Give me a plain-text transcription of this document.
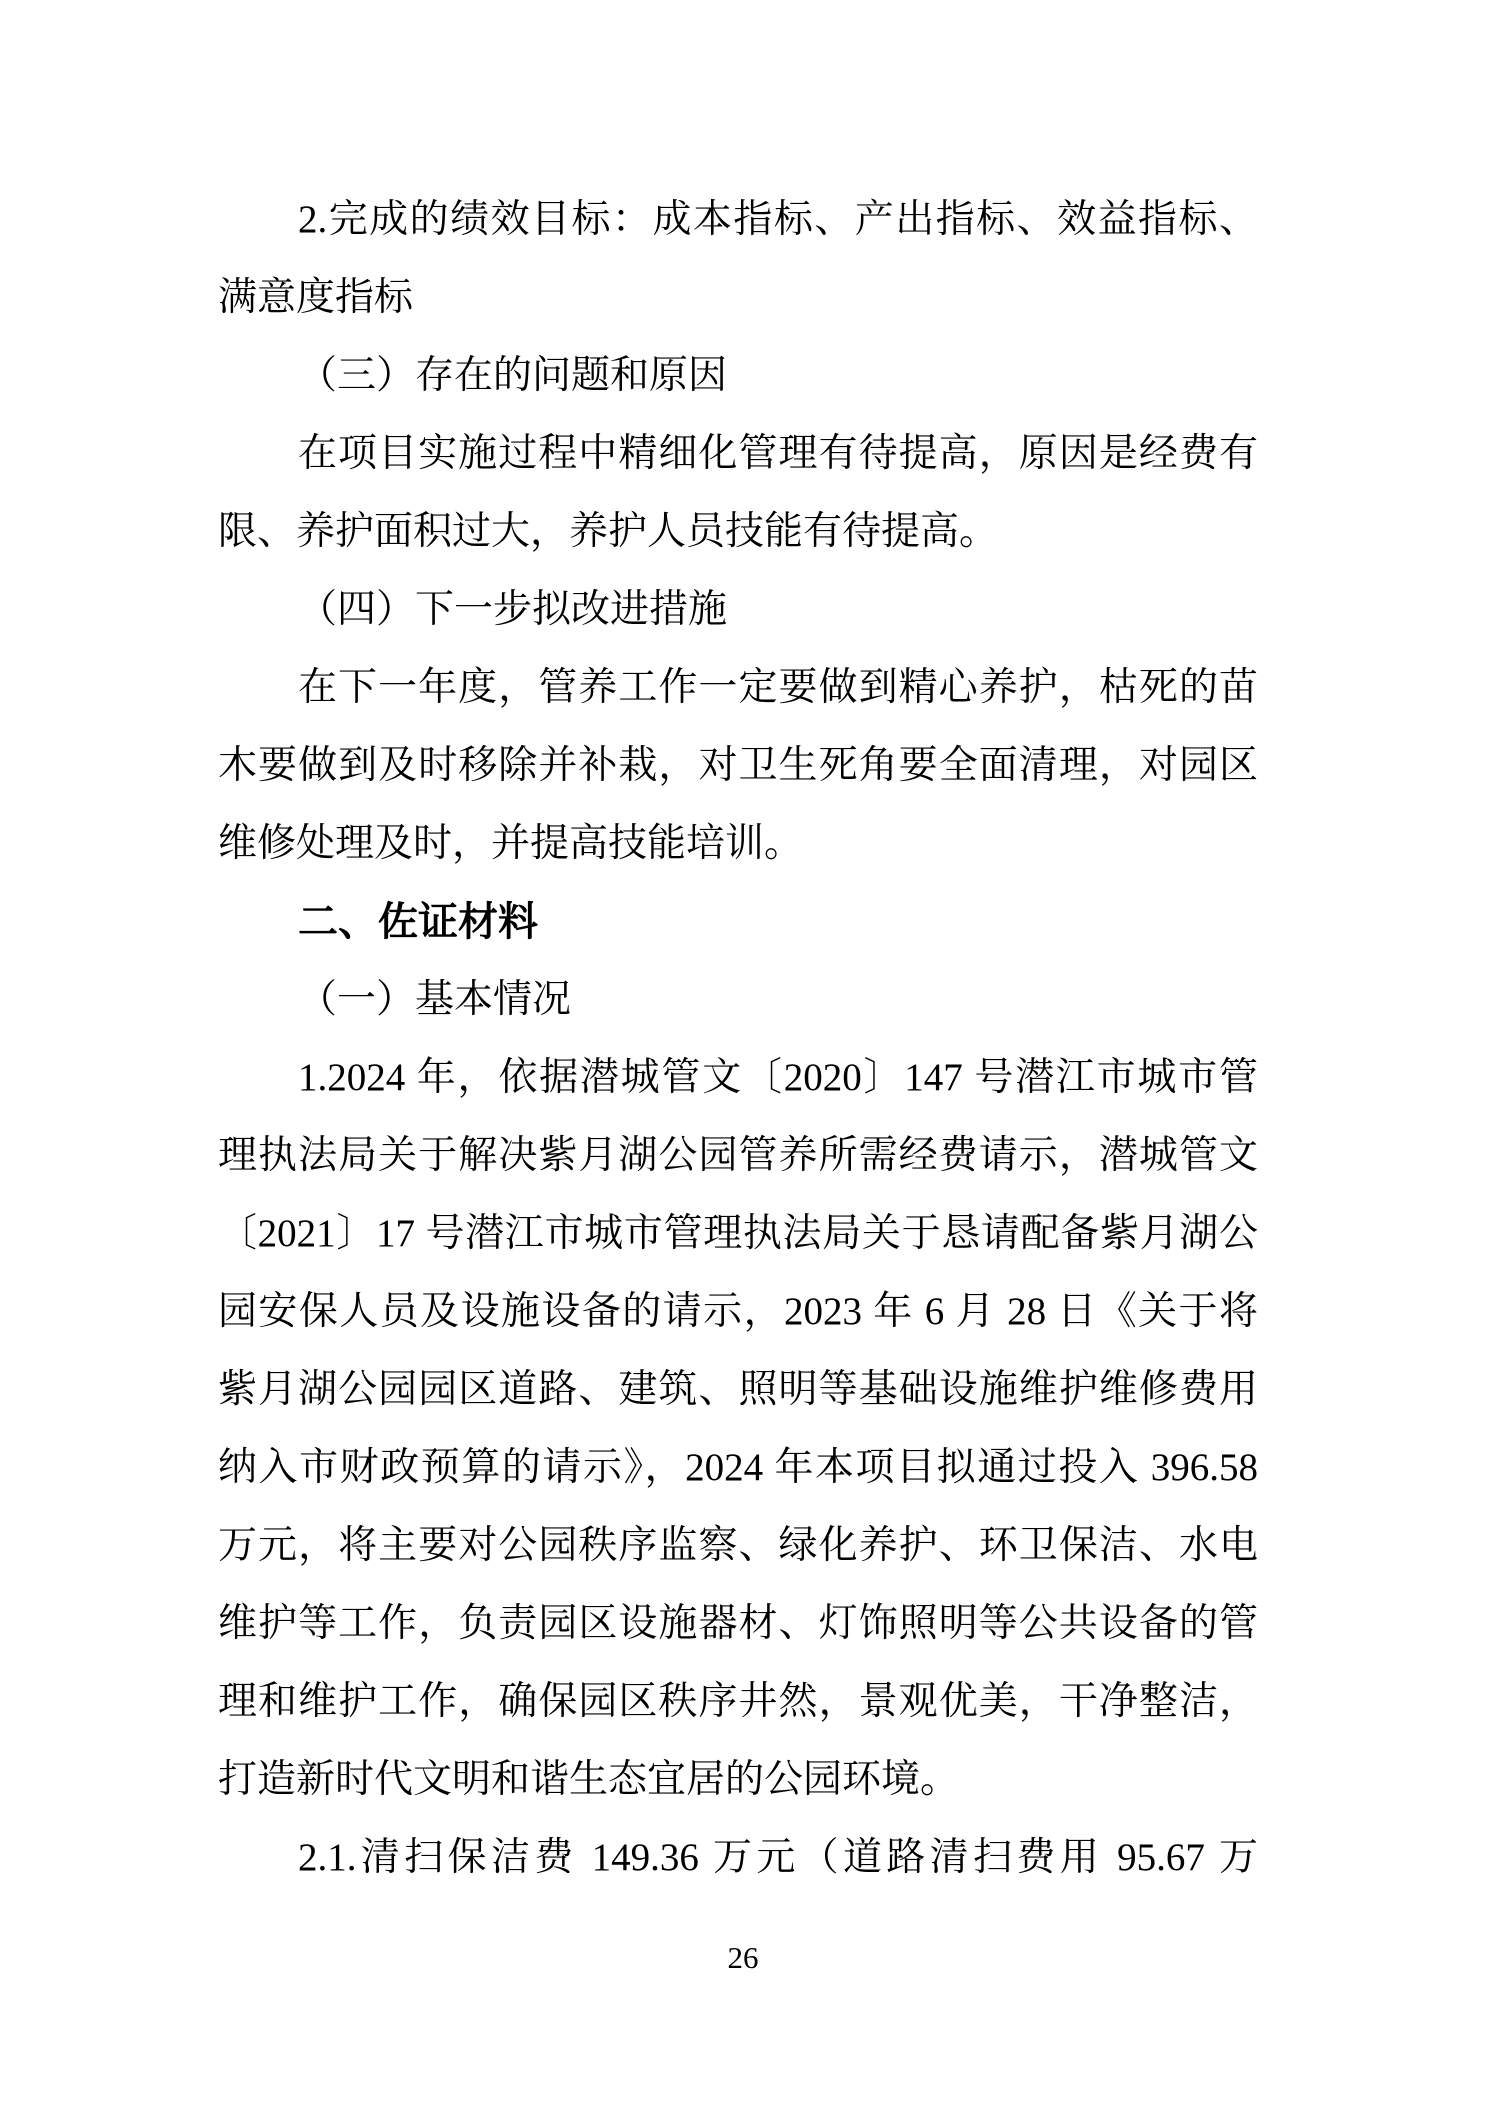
2.完成的绩效目标：成本指标、产出指标、效益指标、
满意度指标
（三）存在的问题和原因
在项目实施过程中精细化管理有待提高，原因是经费有
限、养护面积过大，养护人员技能有待提高。
（四）下一步拟改进措施
在下一年度，管养工作一定要做到精心养护，枯死的苗
木要做到及时移除并补栽，对卫生死角要全面清理，对园区
维修处理及时，并提高技能培训。
二、佐证材料
（一）基本情况
1.2024 年，依据潜城管文〔2020〕147 号潜江市城市管
理执法局关于解决紫月湖公园管养所需经费请示，潜城管文
〔2021〕17 号潜江市城市管理执法局关于恳请配备紫月湖公
园安保人员及设施设备的请示，2023 年 6 月 28 日《关于将
紫月湖公园园区道路、建筑、照明等基础设施维护维修费用
纳入市财政预算的请示》，2024 年本项目拟通过投入 396.58
万元，将主要对公园秩序监察、绿化养护、环卫保洁、水电
维护等工作，负责园区设施器材、灯饰照明等公共设备的管
理和维护工作，确保园区秩序井然，景观优美，干净整洁，
打造新时代文明和谐生态宜居的公园环境。
2.1.清扫保洁费 149.36 万元（道路清扫费用 95.67 万
26
